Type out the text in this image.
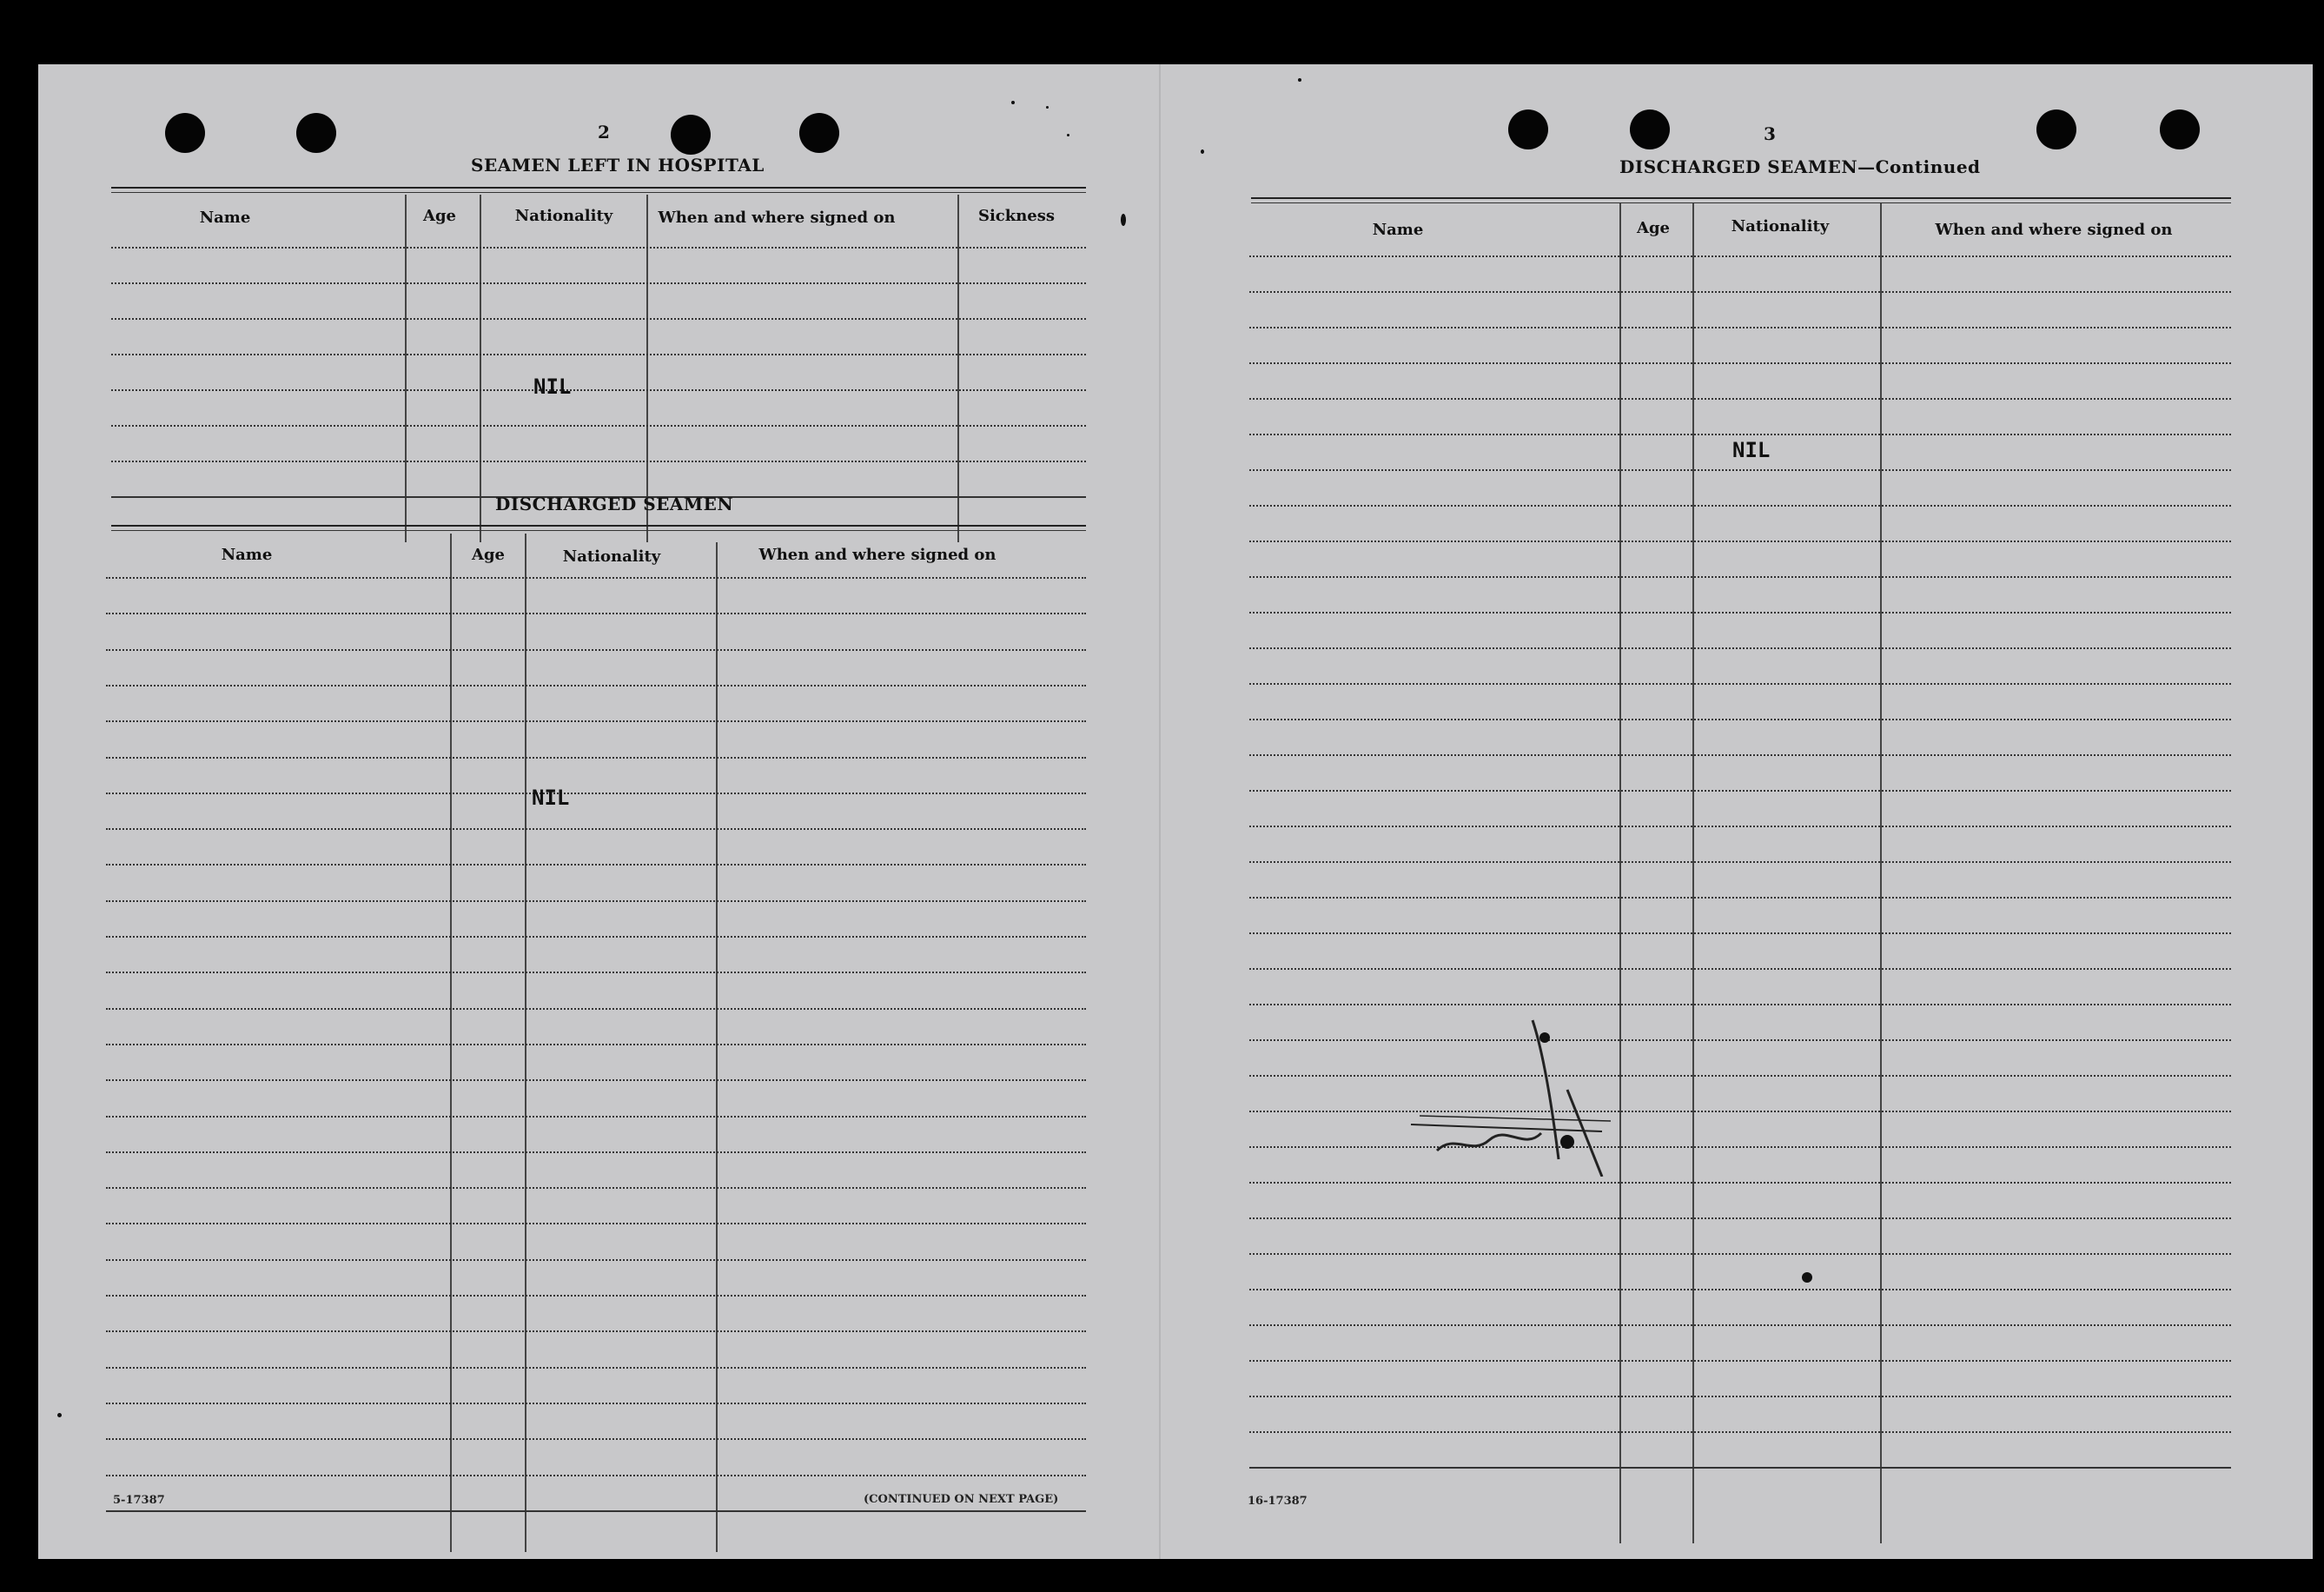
2
SEAMEN LEFT IN HOSPITAL
Name	Age	Nationality	When and where signed on	Sickness
NIL
DISCHARGED SEAMEN
Name	Age	Nationality	When and where signed on
NIL
5-17387	(CONTINUED ON NEXT PAGE)
3
DISCHARGED SEAMEN—Continued
Name	Age	Nationality	When and where signed on
NIL
16-17387
